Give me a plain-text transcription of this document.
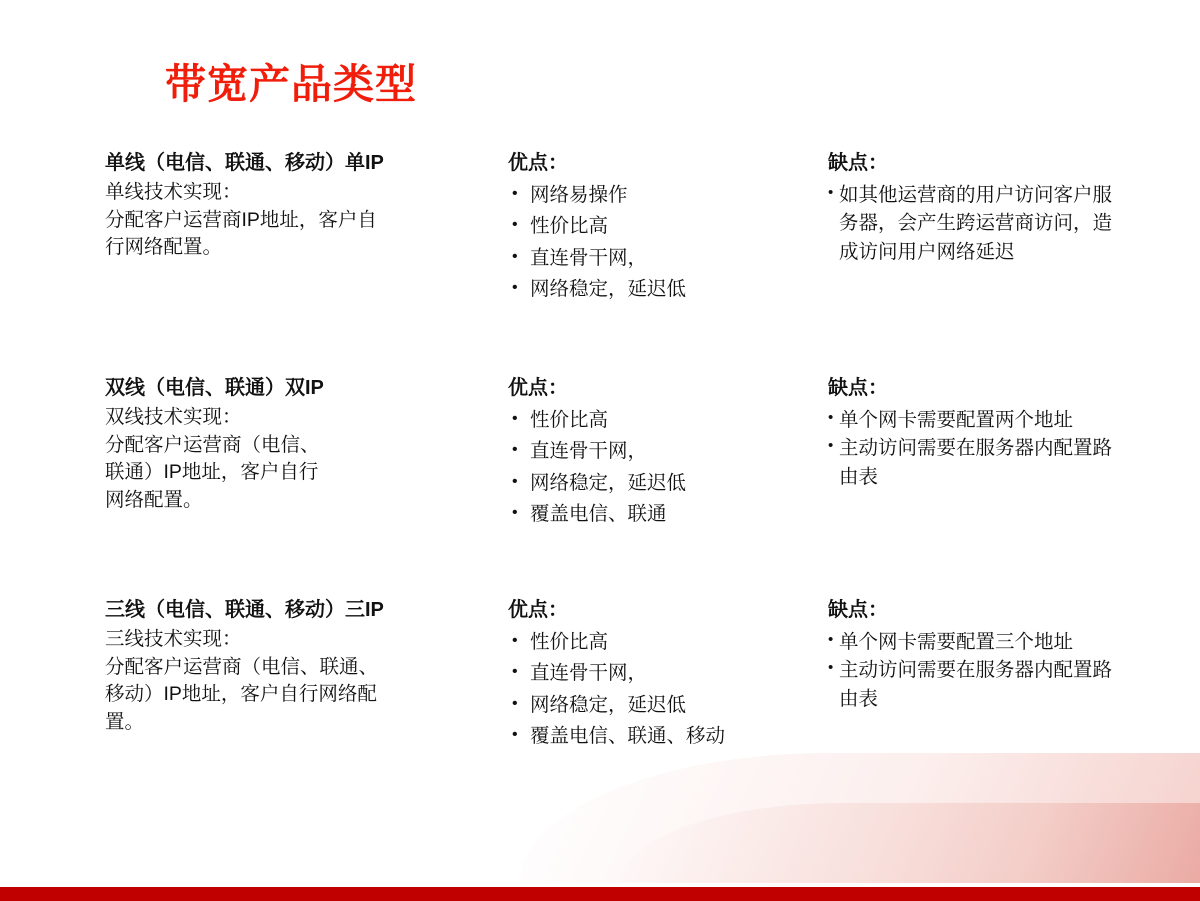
带宽产品类型
单线（电信、联通、移动）单IP
单线技术实现：
分配客户运营商IP地址，客户自
行网络配置。
优点：
• 网络易操作
• 性价比高
• 直连骨干网，
• 网络稳定，延迟低
缺点：
• 如其他运营商的用户访问客户服务器，会产生跨运营商访问，造成访问用户网络延迟
双线（电信、联通）双IP
双线技术实现：
分配客户运营商（电信、
联通）IP地址，客户自行
网络配置。
优点：
• 性价比高
• 直连骨干网，
• 网络稳定，延迟低
• 覆盖电信、联通
缺点：
• 单个网卡需要配置两个地址
• 主动访问需要在服务器内配置路由表
三线（电信、联通、移动）三IP
三线技术实现：
分配客户运营商（电信、联通、
移动）IP地址，客户自行网络配
置。
优点：
• 性价比高
• 直连骨干网，
• 网络稳定，延迟低
• 覆盖电信、联通、移动
缺点：
• 单个网卡需要配置三个地址
• 主动访问需要在服务器内配置路由表
